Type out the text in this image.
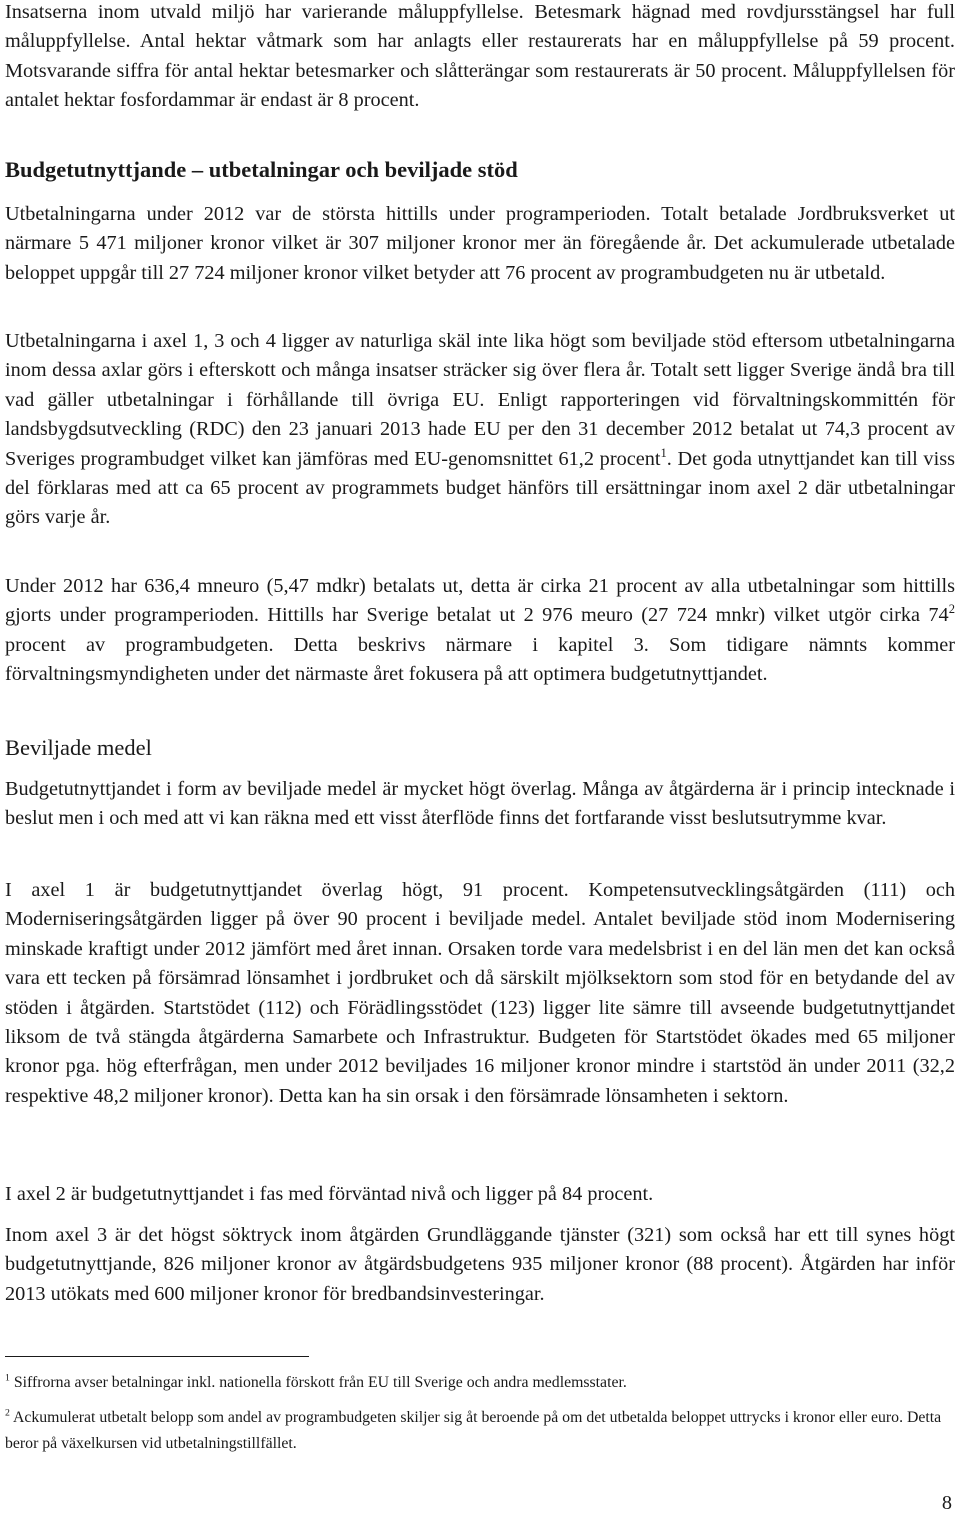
Insatserna inom utvald miljö har varierande måluppfyllelse. Betesmark hägnad med rovdjursstängsel har full måluppfyllelse. Antal hektar våtmark som har anlagts eller restaurerats har en måluppfyllelse på 59 procent. Motsvarande siffra för antal hektar betesmarker och slåtterängar som restaurerats är 50 procent. Måluppfyllelsen för antalet hektar fosfordammar är endast är 8 procent.

Budgetutnyttjande – utbetalningar och beviljade stöd

Utbetalningarna under 2012 var de största hittills under programperioden. Totalt betalade Jordbruksverket ut närmare 5 471 miljoner kronor vilket är 307 miljoner kronor mer än föregående år. Det ackumulerade utbetalade beloppet uppgår till 27 724 miljoner kronor vilket betyder att 76 procent av programbudgeten nu är utbetald.

Utbetalningarna i axel 1, 3 och 4 ligger av naturliga skäl inte lika högt som beviljade stöd eftersom utbetalningarna inom dessa axlar görs i efterskott och många insatser sträcker sig över flera år. Totalt sett ligger Sverige ändå bra till vad gäller utbetalningar i förhållande till övriga EU. Enligt rapporteringen vid förvaltningskommittén för landsbygdsutveckling (RDC) den 23 januari 2013 hade EU per den 31 december 2012 betalat ut 74,3 procent av Sveriges programbudget vilket kan jämföras med EU-genomsnittet 61,2 procent$^1$. Det goda utnyttjandet kan till viss del förklaras med att ca 65 procent av programmets budget hänförs till ersättningar inom axel 2 där utbetalningar görs varje år.

Under 2012 har 636,4 mneuro (5,47 mdkr) betalats ut, detta är cirka 21 procent av alla utbetalningar som hittills gjorts under programperioden. Hittills har Sverige betalat ut 2 976 meuro (27 724 mnkr) vilket utgör cirka $74^2$ procent av programbudgeten. Detta beskrivs närmare i kapitel 3. Som tidigare nämnts kommer förvaltningsmyndigheten under det närmaste året fokusera på att optimera budgetutnyttjandet.

Beviljade medel

Budgetutnyttjandet i form av beviljade medel är mycket högt överlag. Många av åtgärderna är i princip intecknade i beslut men i och med att vi kan räkna med ett visst återflöde finns det fortfarande visst beslutsutrymme kvar.

I axel 1 är budgetutnyttjandet överlag högt, 91 procent. Kompetensutvecklingsåtgärden (111) och Moderniseringsåtgärden ligger på över 90 procent i beviljade medel. Antalet beviljade stöd inom Modernisering minskade kraftigt under 2012 jämfört med året innan. Orsaken torde vara medelsbrist i en del län men det kan också vara ett tecken på försämrad lönsamhet i jordbruket och då särskilt mjölksektorn som stod för en betydande del av stöden i åtgärden. Startstödet (112) och Förädlingsstödet (123) ligger lite sämre till avseende budgetutnyttjandet liksom de två stängda åtgärderna Samarbete och Infrastruktur. Budgeten för Startstödet ökades med 65 miljoner kronor pga. hög efterfrågan, men under 2012 beviljades 16 miljoner kronor mindre i startstöd än under 2011 (32,2 respektive 48,2 miljoner kronor). Detta kan ha sin orsak i den försämrade lönsamheten i sektorn.

I axel 2 är budgetutnyttjandet i fas med förväntad nivå och ligger på 84 procent.

Inom axel 3 är det högst söktryck inom åtgärden Grundläggande tjänster (321) som också har ett till synes högt budgetutnyttjande, 826 miljoner kronor av åtgärdsbudgetens 935 miljoner kronor (88 procent). Åtgärden har inför 2013 utökats med 600 miljoner kronor för bredbandsinvesteringar.

$^1$ Siffrorna avser betalningar inkl. nationella förskott från EU till Sverige och andra medlemsstater.

$^2$ Ackumulerat utbetalt belopp som andel av programbudgeten skiljer sig åt beroende på om det utbetalda beloppet uttrycks i kronor eller euro. Detta beror på växelkursen vid utbetalningstillfället.

8
